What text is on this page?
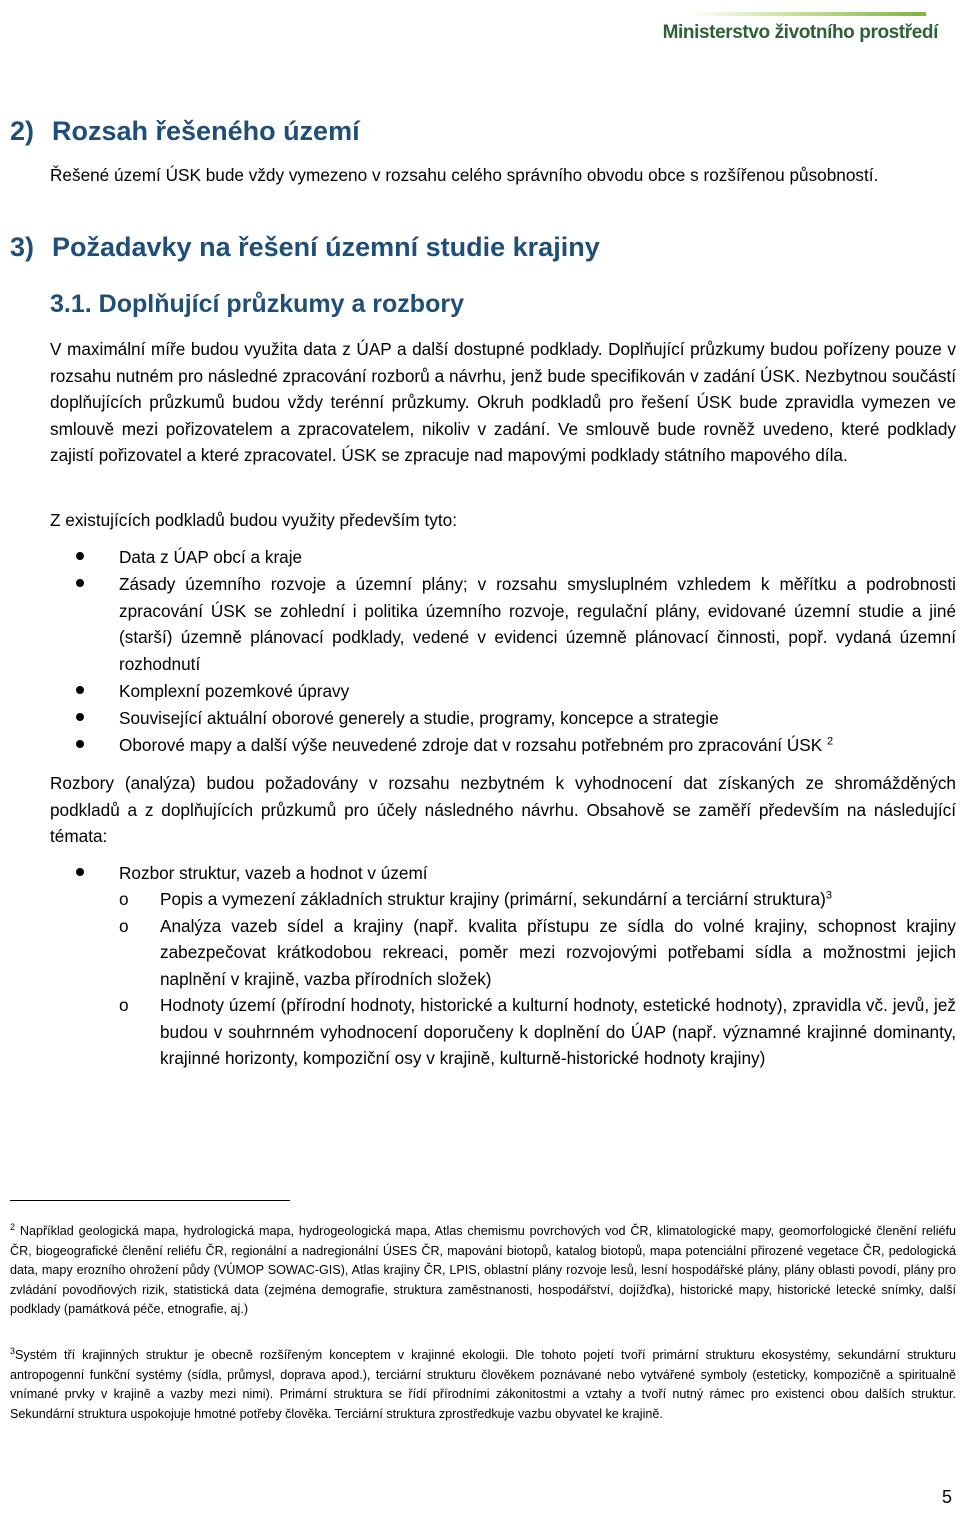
Ministerstvo životního prostředí
2) Rozsah řešeného území

Řešené území ÚSK bude vždy vymezeno v rozsahu celého správního obvodu obce s rozšířenou působností.

3) Požadavky na řešení územní studie krajiny
3.1. Doplňující průzkumy a rozbory

V maximální míře budou využita data z ÚAP a další dostupné podklady. Doplňující průzkumy budou pořízeny pouze v rozsahu nutném pro následné zpracování rozborů a návrhu, jenž bude specifikován v zadání ÚSK. Nezbytnou součástí doplňujících průzkumů budou vždy terénní průzkumy. Okruh podkladů pro řešení ÚSK bude zpravidla vymezen ve smlouvě mezi pořizovatelem a zpracovatelem, nikoliv v zadání. Ve smlouvě bude rovněž uvedeno, které podklady zajistí pořizovatel a které zpracovatel. ÚSK se zpracuje nad mapovými podklady státního mapového díla.

Z existujících podkladů budou využity především tyto:

Data z ÚAP obcí a kraje
Zásady územního rozvoje a územní plány; v rozsahu smysluplném vzhledem k měřítku a podrobnosti zpracování ÚSK se zohlední i politika územního rozvoje, regulační plány, evidované územní studie a jiné (starší) územně plánovací podklady, vedené v evidenci územně plánovací činnosti, popř. vydaná územní rozhodnutí
Komplexní pozemkové úpravy
Související aktuální oborové generely a studie, programy, koncepce a strategie
Oborové mapy a další výše neuvedené zdroje dat v rozsahu potřebném pro zpracování ÚSK $^2$

Rozbory (analýza) budou požadovány v rozsahu nezbytném k vyhodnocení dat získaných ze shromážděných podkladů a z doplňujících průzkumů pro účely následného návrhu. Obsahově se zaměří především na následující témata:

Rozbor struktur, vazeb a hodnot v území
o Popis a vymezení základních struktur krajiny (primární, sekundární a terciární struktura)$^3$
o Analýza vazeb sídel a krajiny (např. kvalita přístupu ze sídla do volné krajiny, schopnost krajiny zabezpečovat krátkodobou rekreaci, poměr mezi rozvojovými potřebami sídla a možnostmi jejich naplnění v krajině, vazba přírodních složek)
o Hodnoty území (přírodní hodnoty, historické a kulturní hodnoty, estetické hodnoty), zpravidla vč. jevů, jež budou v souhrnném vyhodnocení doporučeny k doplnění do ÚAP (např. významné krajinné dominanty, krajinné horizonty, kompoziční osy v krajině, kulturně-historické hodnoty krajiny)

$^2$ Například geologická mapa, hydrologická mapa, hydrogeologická mapa, Atlas chemismu povrchových vod ČR, klimatologické mapy, geomorfologické členění reliéfu ČR, biogeografické členění reliéfu ČR, regionální a nadregionální ÚSES ČR, mapování biotopů, katalog biotopů, mapa potenciální přirozené vegetace ČR, pedologická data, mapy erozního ohrožení půdy (VÚMOP SOWAC-GIS), Atlas krajiny ČR, LPIS, oblastní plány rozvoje lesů, lesní hospodářské plány, plány oblasti povodí, plány pro zvládání povodňových rizik, statistická data (zejména demografie, struktura zaměstnanosti, hospodářství, dojížďka), historické mapy, historické letecké snímky, další podklady (památková péče, etnografie, aj.)

$^3$Systém tří krajinných struktur je obecně rozšířeným konceptem v krajinné ekologii. Dle tohoto pojetí tvoří primární strukturu ekosystémy, sekundární strukturu antropogenní funkční systémy (sídla, průmysl, doprava apod.), terciární strukturu člověkem poznávané nebo vytvářené symboly (esteticky, kompozičně a spiritualně vnímané prvky v krajině a vazby mezi nimi). Primární struktura se řídí přírodními zákonitostmi a vztahy a tvoří nutný rámec pro existenci obou dalších struktur. Sekundární struktura uspokojuje hmotné potřeby člověka. Terciární struktura zprostředkuje vazbu obyvatel ke krajině.

5
